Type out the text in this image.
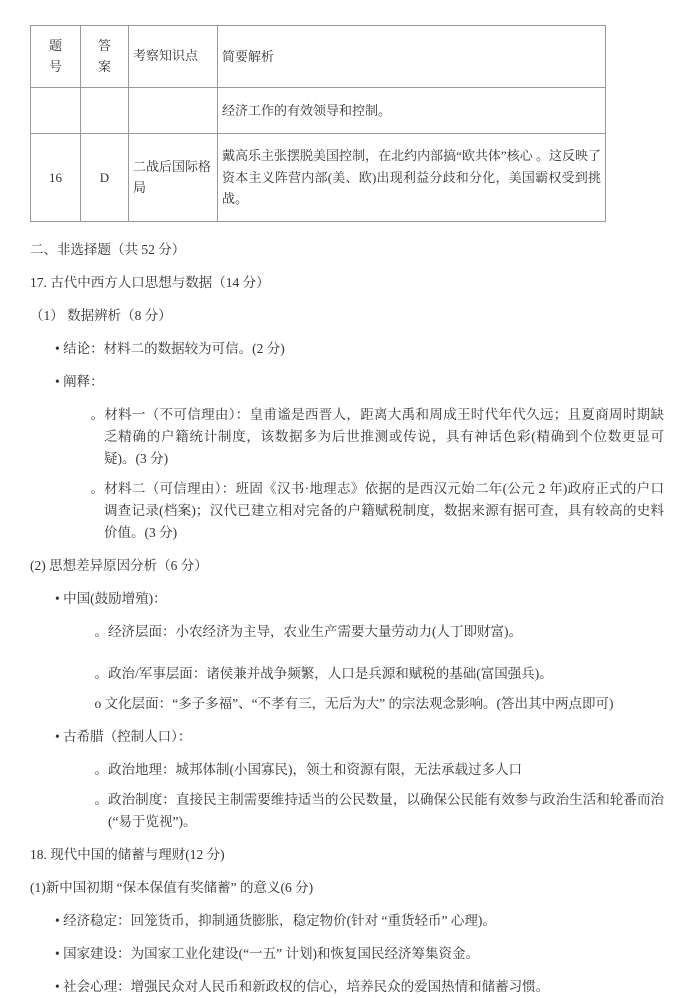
题号	答案	考察知识点	简要解析
			经济工作的有效领导和控制。
16	D	二战后国际格局	戴高乐主张摆脱美国控制，在北约内部搞“欧共体”核心 。这反映了资本主义阵营内部(美、欧)出现利益分歧和分化，美国霸权受到挑战。

二、非选择题（共 52 分）

17. 古代中西方人口思想与数据（14 分）

（1） 数据辨析（8 分）

• 结论：材料二的数据较为可信。(2 分)

• 阐释：

。材料一（不可信理由）：皇甫谧是西晋人，距离大禹和周成王时代年代久远；且夏商周时期缺乏精确的户籍统计制度，该数据多为后世推测或传说，具有神话色彩(精确到个位数更显可疑)。(3 分)

。材料二（可信理由）：班固《汉书·地理志》依据的是西汉元始二年(公元 2 年)政府正式的户口调查记录(档案)；汉代已建立相对完备的户籍赋税制度，数据来源有据可查，具有较高的史料价值。(3 分)

(2) 思想差异原因分析（6 分）

• 中国(鼓励增殖)：

。经济层面：小农经济为主导，农业生产需要大量劳动力(人丁即财富)。

。政治/军事层面：诸侯兼并战争频繁，人口是兵源和赋税的基础(富国强兵)。

o 文化层面：“多子多福”、“不孝有三，无后为大” 的宗法观念影响。(答出其中两点即可)

• 古希腊（控制人口）：

。政治地理：城邦体制(小国寡民)，领土和资源有限，无法承载过多人口

。政治制度：直接民主制需要维持适当的公民数量，以确保公民能有效参与政治生活和轮番而治(“易于览视”)。

18. 现代中国的储蓄与理财(12 分)

(1)新中国初期 “保本保值有奖储蓄” 的意义(6 分)

• 经济稳定：回笼货币，抑制通货膨胀，稳定物价(针对 “重货轻币” 心理)。

• 国家建设：为国家工业化建设(“一五” 计划)和恢复国民经济筹集资金。

• 社会心理：增强民众对人民币和新政权的信心，培养民众的爱国热情和储蓄习惯。
